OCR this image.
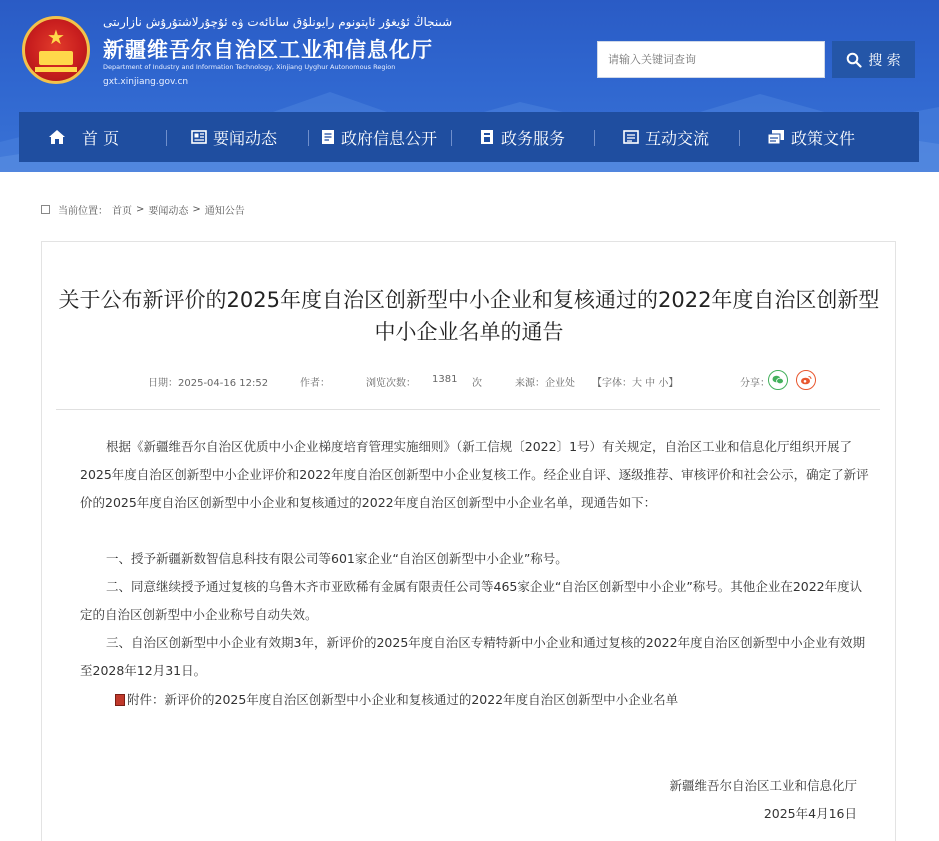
★
شىنجاڭ ئۇيغۇر ئاپتونوم رايونلۇق سانائەت ۋە ئۇچۇرلاشتۇرۇش نازارىتى
新疆维吾尔自治区工业和信息化厅
Department of Industry and Information Technology, Xinjiang Uyghur Autonomous Region
gxt.xinjiang.gov.cn
请输入关键词查询
搜 索
首 页	要闻动态	政府信息公开	政务服务	互动交流	政策文件
当前位置： 首页 > 要闻动态 > 通知公告
关于公布新评价的2025年度自治区创新型中小企业和复核通过的2022年度自治区创新型中小企业名单的通告
日期：2025-04-16 12:52	作者：	浏览次数： 1381 次	来源：企业处 【字体：大 中 小】	分享：
根据《新疆维吾尔自治区优质中小企业梯度培育管理实施细则》（新工信规〔2022〕1号）有关规定，自治区工业和信息化厅组织开展了2025年度自治区创新型中小企业评价和2022年度自治区创新型中小企业复核工作。经企业自评、逐级推荐、审核评价和社会公示，确定了新评价的2025年度自治区创新型中小企业和复核通过的2022年度自治区创新型中小企业名单，现通告如下：
一、授予新疆新数智信息科技有限公司等601家企业“自治区创新型中小企业”称号。
二、同意继续授予通过复核的乌鲁木齐市亚欧稀有金属有限责任公司等465家企业“自治区创新型中小企业”称号。其他企业在2022年度认定的自治区创新型中小企业称号自动失效。
三、自治区创新型中小企业有效期3年，新评价的2025年度自治区专精特新中小企业和通过复核的2022年度自治区创新型中小企业有效期至2028年12月31日。
附件：新评价的2025年度自治区创新型中小企业和复核通过的2022年度自治区创新型中小企业名单
新疆维吾尔自治区工业和信息化厅
2025年4月16日
